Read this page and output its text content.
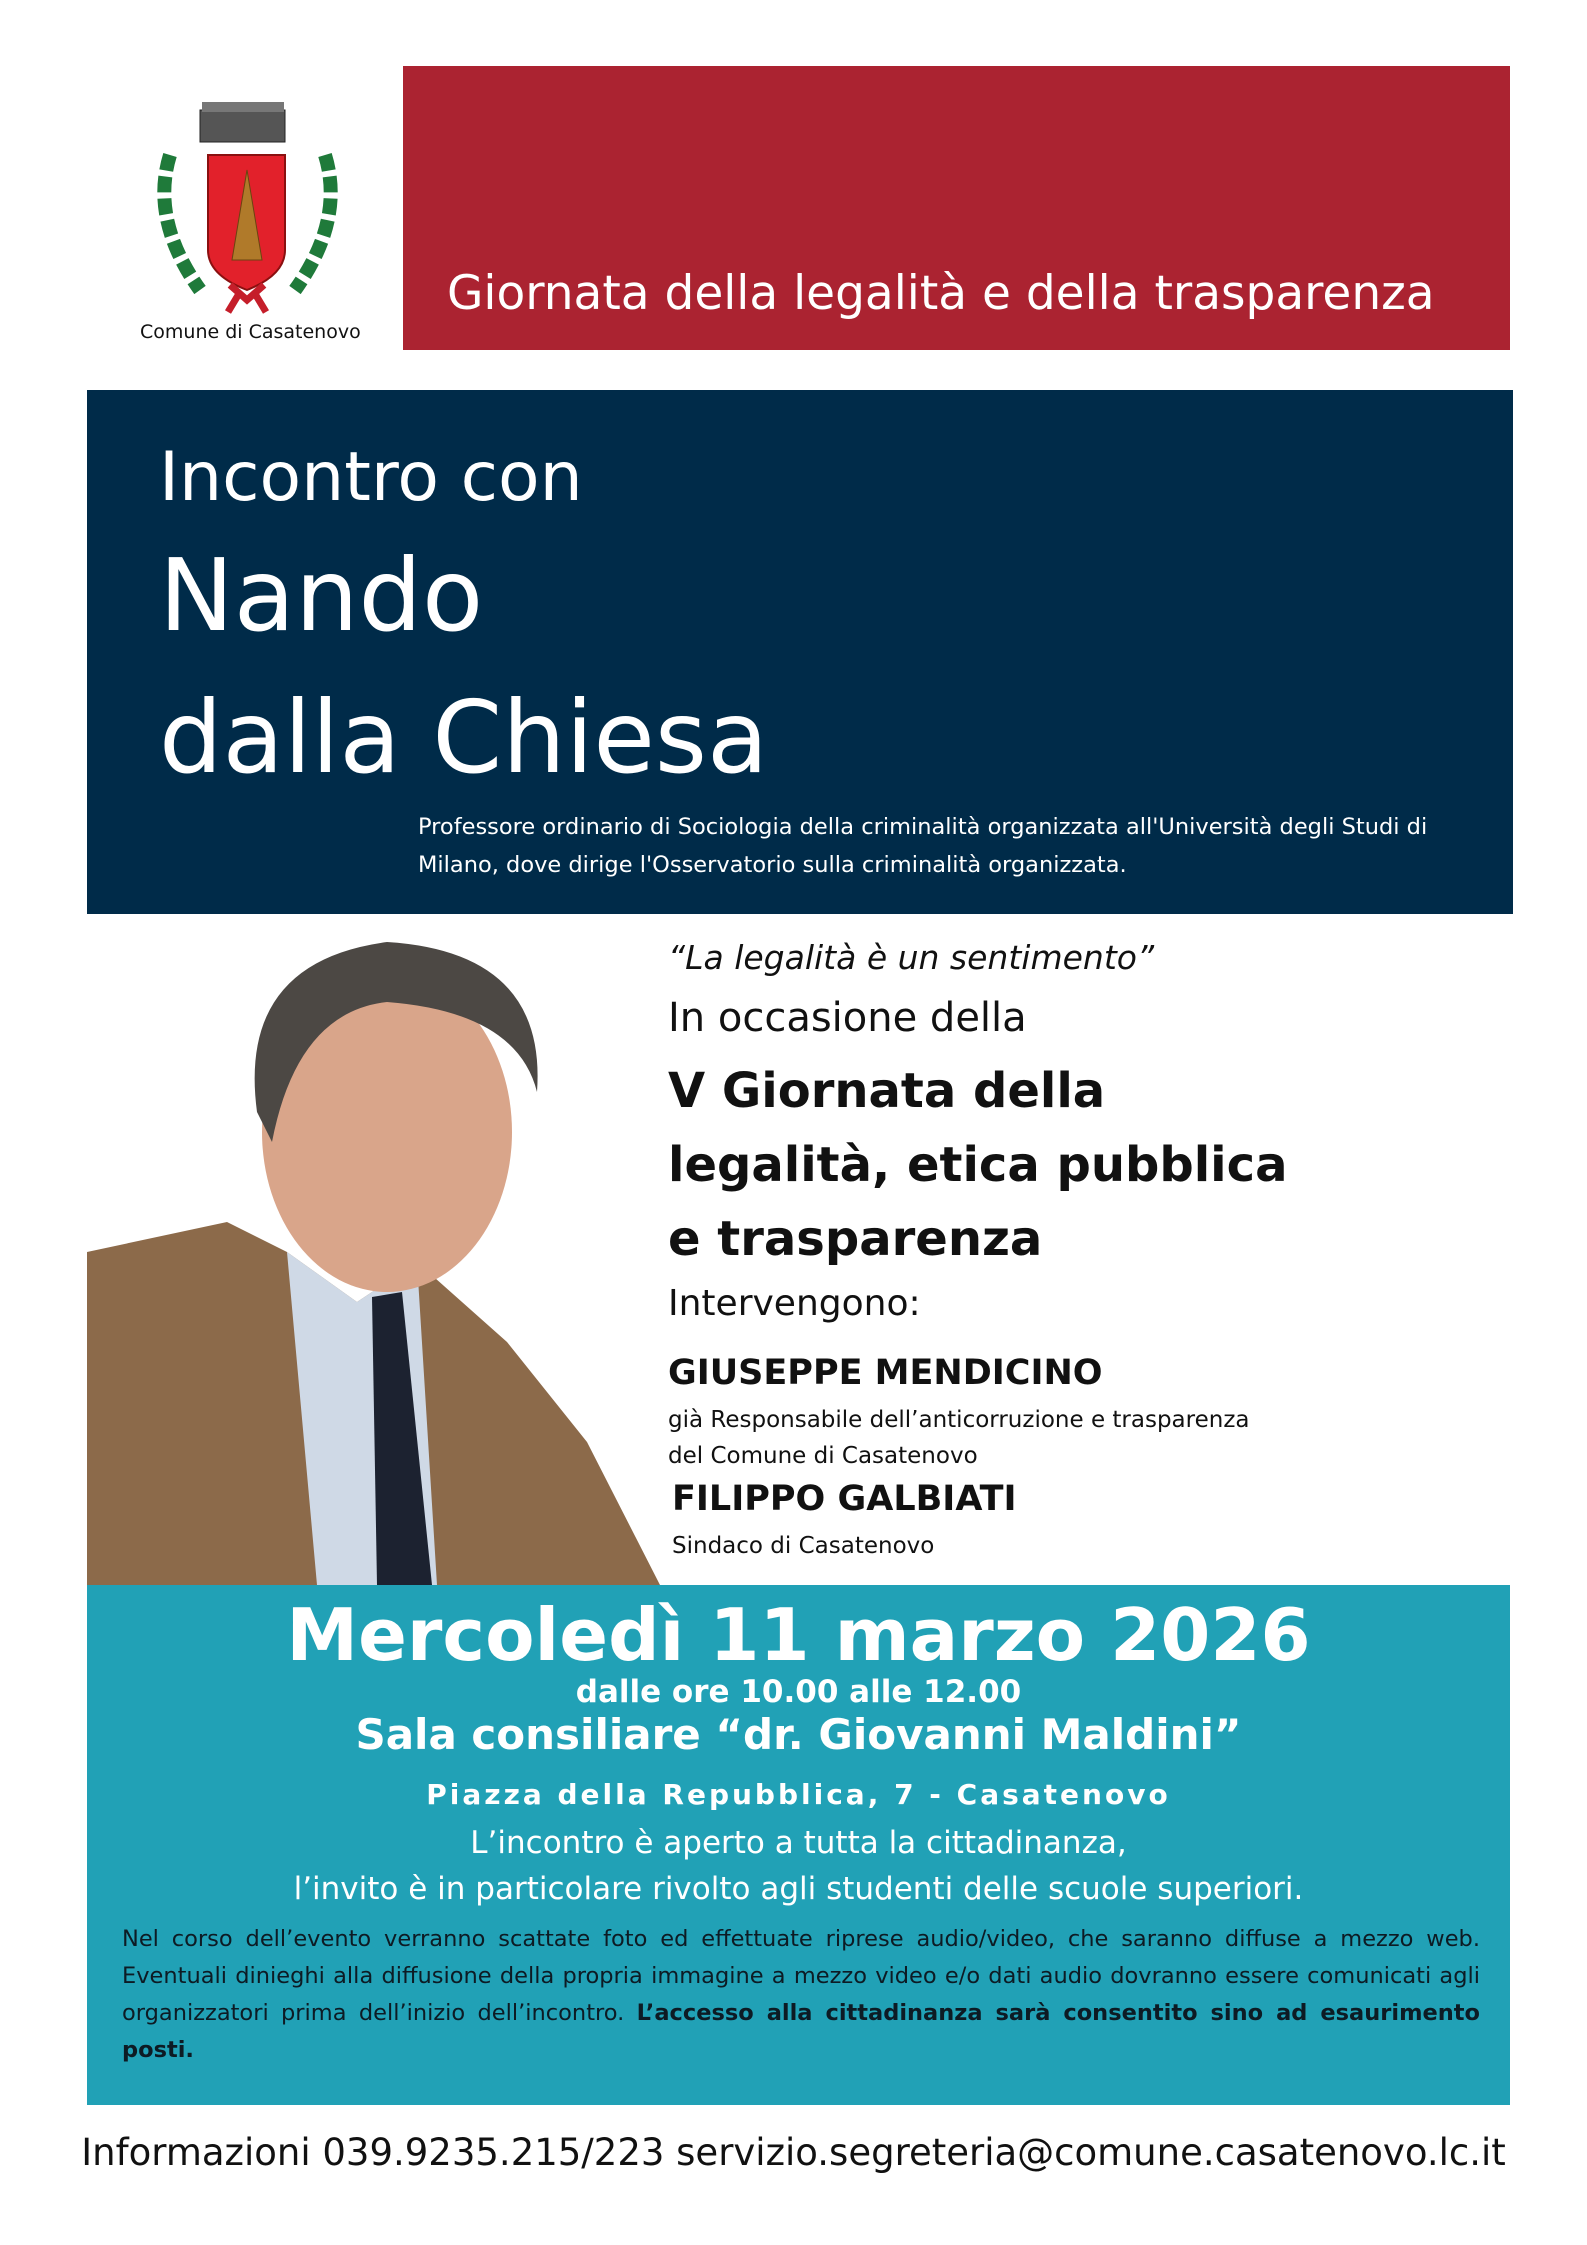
Comune di Casatenovo
Giornata della legalità e della trasparenza
Incontro con
Nando
dalla Chiesa
Professore ordinario di Sociologia della criminalità organizzata all'Università degli Studi di Milano, dove dirige l'Osservatorio sulla criminalità organizzata.
“La legalità è un sentimento”
In occasione della
V Giornata della
legalità, etica pubblica
e trasparenza
Intervengono:
GIUSEPPE MENDICINO
già Responsabile dell’anticorruzione e trasparenza
del Comune di Casatenovo
FILIPPO GALBIATI
Sindaco di Casatenovo
Mercoledì 11 marzo 2026
dalle ore 10.00 alle 12.00
Sala consiliare “dr. Giovanni Maldini”
Piazza della Repubblica, 7 - Casatenovo
L’incontro è aperto a tutta la cittadinanza,
l’invito è in particolare rivolto agli studenti delle scuole superiori.
Nel corso dell’evento verranno scattate foto ed effettuate riprese audio/video, che saranno diffuse a mezzo web. Eventuali dinieghi alla diffusione della propria immagine a mezzo video e/o dati audio dovranno essere comunicati agli organizzatori prima dell’inizio dell’incontro. L’accesso alla cittadinanza sarà consentito sino ad esaurimento posti.
Informazioni 039.9235.215/223 servizio.segreteria@comune.casatenovo.lc.it
